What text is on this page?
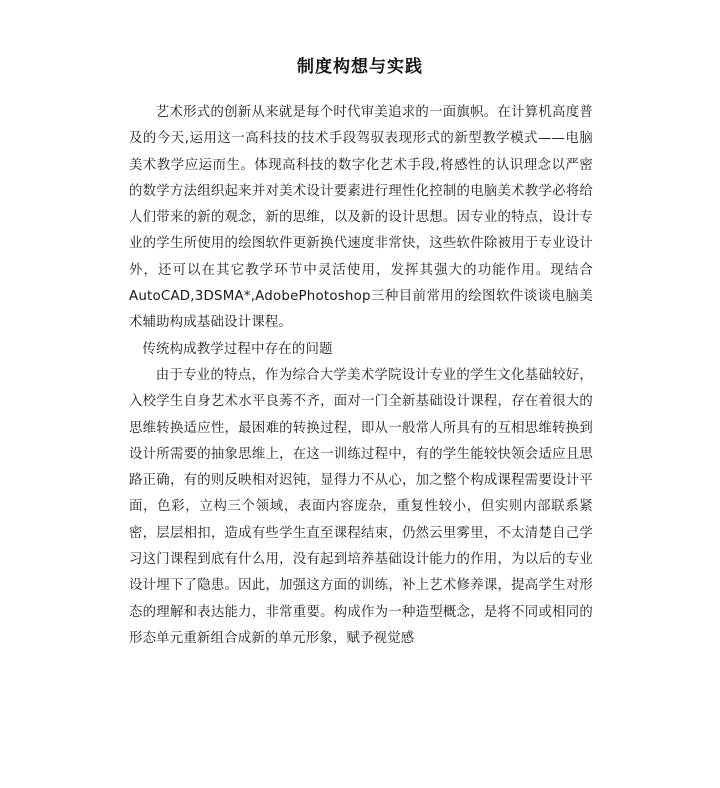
制度构想与实践

艺术形式的创新从来就是每个时代审美追求的一面旗帜。在计算机高度普及的今天,运用这一高科技的技术手段驾驭表现形式的新型教学模式——电脑美术教学应运而生。体现高科技的数字化艺术手段,将感性的认识理念以严密的数学方法组织起来并对美术设计要素进行理性化控制的电脑美术教学必将给人们带来的新的观念，新的思维，以及新的设计思想。因专业的特点，设计专业的学生所使用的绘图软件更新换代速度非常快，这些软件除被用于专业设计外，还可以在其它教学环节中灵活使用，发挥其强大的功能作用。现结合AutoCAD,3DSMA*,AdobePhotoshop三种目前常用的绘图软件谈谈电脑美术辅助构成基础设计课程。

传统构成教学过程中存在的问题

由于专业的特点，作为综合大学美术学院设计专业的学生文化基础较好，入校学生自身艺术水平良莠不齐，面对一门全新基础设计课程，存在着很大的思维转换适应性，最困难的转换过程，即从一般常人所具有的互相思维转换到设计所需要的抽象思维上，在这一训练过程中，有的学生能较快领会适应且思路正确，有的则反映相对迟钝，显得力不从心，加之整个构成课程需要设计平面，色彩，立构三个领域，表面内容庞杂，重复性较小，但实则内部联系紧密，层层相扣，造成有些学生直至课程结束，仍然云里雾里，不太清楚自己学习这门课程到底有什么用，没有起到培养基础设计能力的作用，为以后的专业设计埋下了隐患。因此，加强这方面的训练，补上艺术修养课，提高学生对形态的理解和表达能力，非常重要。构成作为一种造型概念，是将不同或相同的形态单元重新组合成新的单元形象，赋予视觉感
